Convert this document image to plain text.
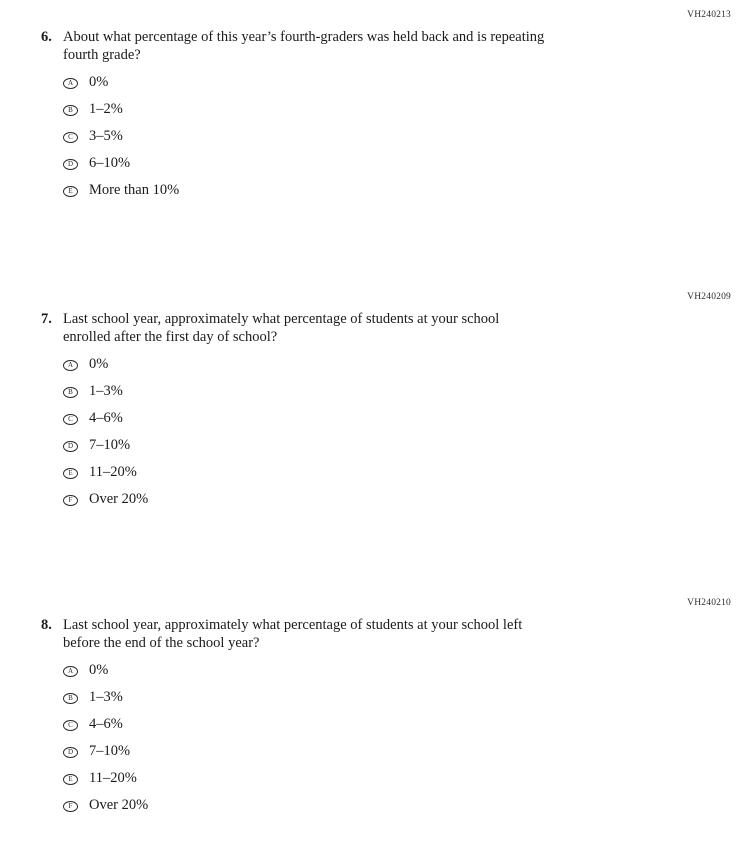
VH240213
6. About what percentage of this year’s fourth-graders was held back and is repeating
fourth grade?
A 0%
B 1–2%
C 3–5%
D 6–10%
E More than 10%
VH240209
7. Last school year, approximately what percentage of students at your school
enrolled after the first day of school?
A 0%
B 1–3%
C 4–6%
D 7–10%
E 11–20%
F Over 20%
VH240210
8. Last school year, approximately what percentage of students at your school left
before the end of the school year?
A 0%
B 1–3%
C 4–6%
D 7–10%
E 11–20%
F Over 20%
